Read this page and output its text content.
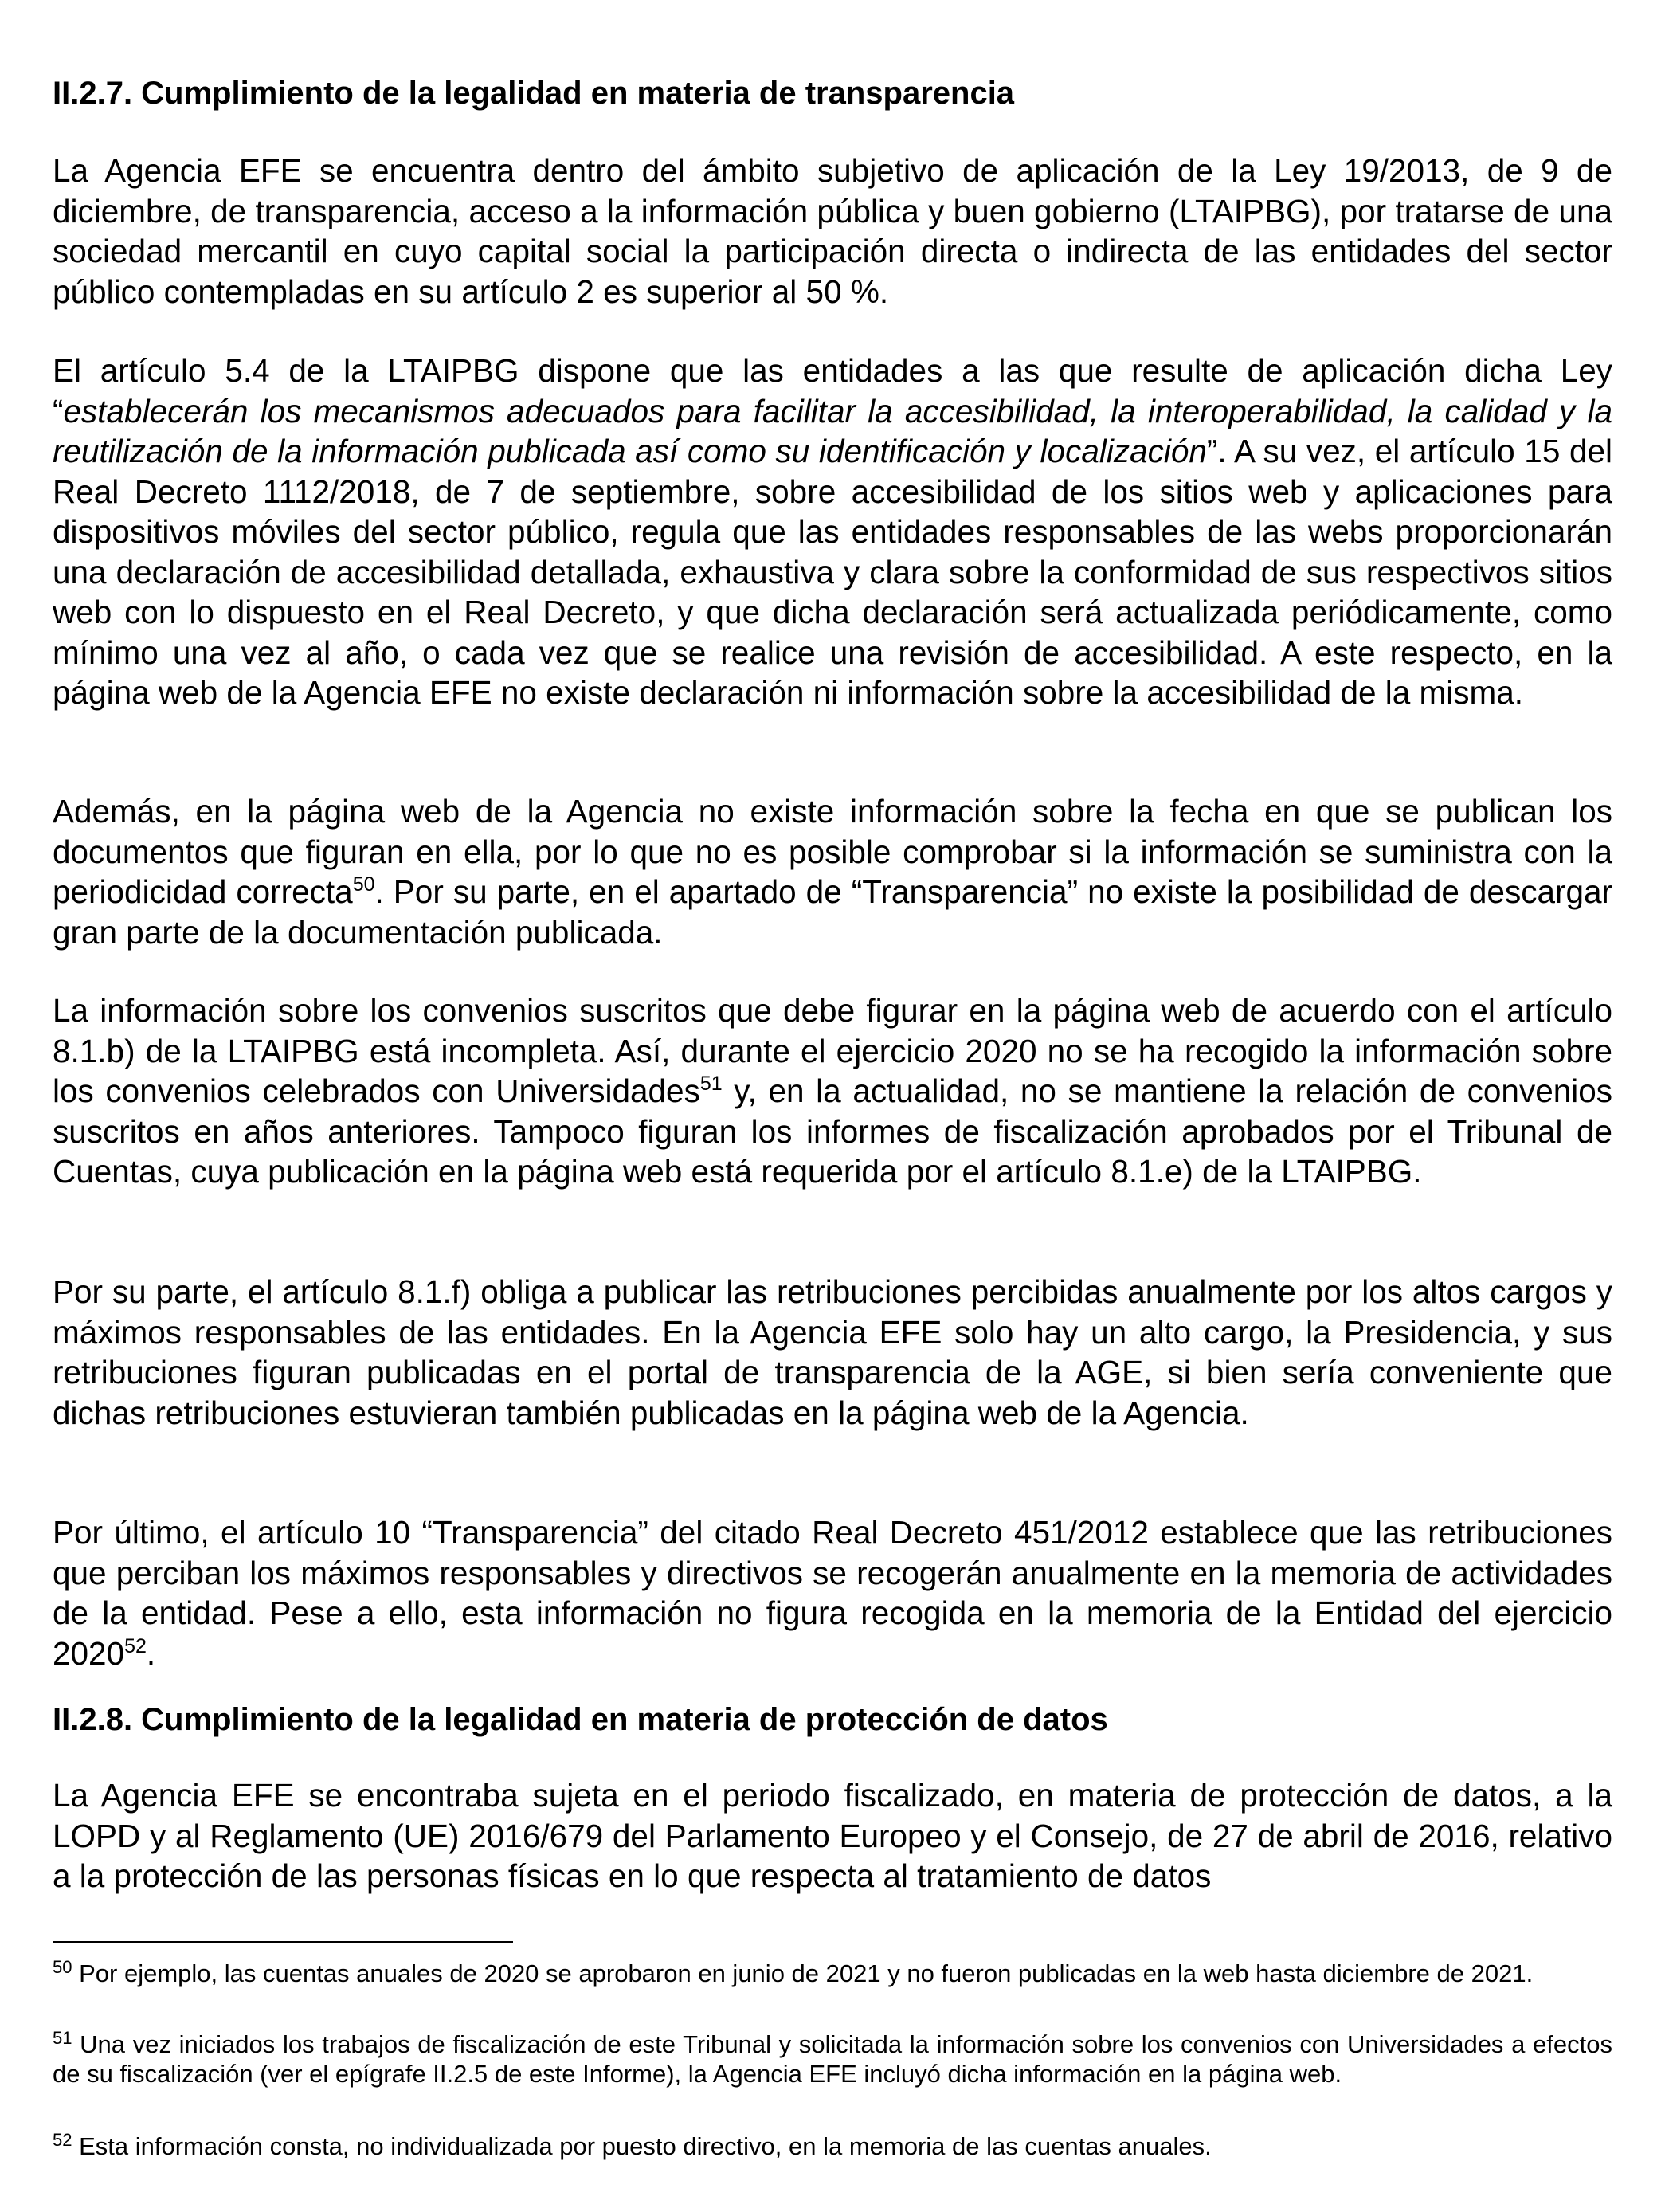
II.2.7. Cumplimiento de la legalidad en materia de transparencia

La Agencia EFE se encuentra dentro del ámbito subjetivo de aplicación de la Ley 19/2013, de 9 de diciembre, de transparencia, acceso a la información pública y buen gobierno (LTAIPBG), por tratarse de una sociedad mercantil en cuyo capital social la participación directa o indirecta de las entidades del sector público contempladas en su artículo 2 es superior al 50 %.

El artículo 5.4 de la LTAIPBG dispone que las entidades a las que resulte de aplicación dicha Ley “establecerán los mecanismos adecuados para facilitar la accesibilidad, la interoperabilidad, la calidad y la reutilización de la información publicada así como su identificación y localización”. A su vez, el artículo 15 del Real Decreto 1112/2018, de 7 de septiembre, sobre accesibilidad de los sitios web y aplicaciones para dispositivos móviles del sector público, regula que las entidades responsables de las webs proporcionarán una declaración de accesibilidad detallada, exhaustiva y clara sobre la conformidad de sus respectivos sitios web con lo dispuesto en el Real Decreto, y que dicha declaración será actualizada periódicamente, como mínimo una vez al año, o cada vez que se realice una revisión de accesibilidad. A este respecto, en la página web de la Agencia EFE no existe declaración ni información sobre la accesibilidad de la misma.

Además, en la página web de la Agencia no existe información sobre la fecha en que se publican los documentos que figuran en ella, por lo que no es posible comprobar si la información se suministra con la periodicidad correcta$^{50}$. Por su parte, en el apartado de “Transparencia” no existe la posibilidad de descargar gran parte de la documentación publicada.

La información sobre los convenios suscritos que debe figurar en la página web de acuerdo con el artículo 8.1.b) de la LTAIPBG está incompleta. Así, durante el ejercicio 2020 no se ha recogido la información sobre los convenios celebrados con Universidades$^{51}$ y, en la actualidad, no se mantiene la relación de convenios suscritos en años anteriores. Tampoco figuran los informes de fiscalización aprobados por el Tribunal de Cuentas, cuya publicación en la página web está requerida por el artículo 8.1.e) de la LTAIPBG.

Por su parte, el artículo 8.1.f) obliga a publicar las retribuciones percibidas anualmente por los altos cargos y máximos responsables de las entidades. En la Agencia EFE solo hay un alto cargo, la Presidencia, y sus retribuciones figuran publicadas en el portal de transparencia de la AGE, si bien sería conveniente que dichas retribuciones estuvieran también publicadas en la página web de la Agencia.

Por último, el artículo 10 “Transparencia” del citado Real Decreto 451/2012 establece que las retribuciones que perciban los máximos responsables y directivos se recogerán anualmente en la memoria de actividades de la entidad. Pese a ello, esta información no figura recogida en la memoria de la Entidad del ejercicio 2020$^{52}$.

II.2.8. Cumplimiento de la legalidad en materia de protección de datos

La Agencia EFE se encontraba sujeta en el periodo fiscalizado, en materia de protección de datos, a la LOPD y al Reglamento (UE) 2016/679 del Parlamento Europeo y el Consejo, de 27 de abril de 2016, relativo a la protección de las personas físicas en lo que respecta al tratamiento de datos

$^{50}$ Por ejemplo, las cuentas anuales de 2020 se aprobaron en junio de 2021 y no fueron publicadas en la web hasta diciembre de 2021.

$^{51}$ Una vez iniciados los trabajos de fiscalización de este Tribunal y solicitada la información sobre los convenios con Universidades a efectos de su fiscalización (ver el epígrafe II.2.5 de este Informe), la Agencia EFE incluyó dicha información en la página web.

$^{52}$ Esta información consta, no individualizada por puesto directivo, en la memoria de las cuentas anuales.
